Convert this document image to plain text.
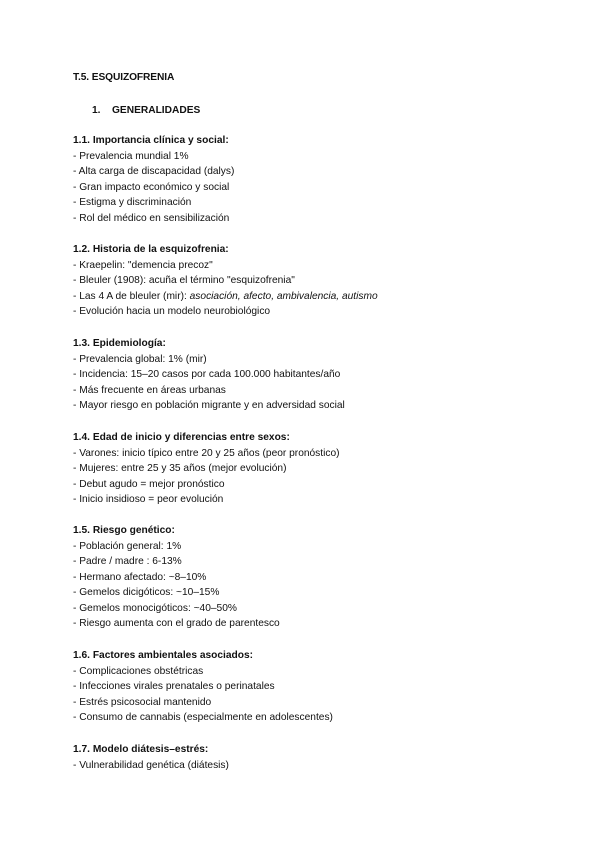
T.5. ESQUIZOFRENIA
1.	GENERALIDADES
1.1. Importancia clínica y social:
- Prevalencia mundial 1%
- Alta carga de discapacidad (dalys)
- Gran impacto económico y social
- Estigma y discriminación
- Rol del médico en sensibilización
1.2. Historia de la esquizofrenia:
- Kraepelin: "demencia precoz"
- Bleuler (1908): acuña el término "esquizofrenia"
- Las 4 A de bleuler (mir): asociación, afecto, ambivalencia, autismo
- Evolución hacia un modelo neurobiológico
1.3. Epidemiología:
- Prevalencia global: 1% (mir)
- Incidencia: 15–20 casos por cada 100.000 habitantes/año
- Más frecuente en áreas urbanas
- Mayor riesgo en población migrante y en adversidad social
1.4. Edad de inicio y diferencias entre sexos:
- Varones: inicio típico entre 20 y 25 años (peor pronóstico)
- Mujeres: entre 25 y 35 años (mejor evolución)
- Debut agudo = mejor pronóstico
- Inicio insidioso = peor evolución
1.5. Riesgo genético:
- Población general: 1%
- Padre / madre : 6-13%
- Hermano afectado: ~8–10%
- Gemelos dicigóticos: ~10–15%
- Gemelos monocigóticos: ~40–50%
- Riesgo aumenta con el grado de parentesco
1.6. Factores ambientales asociados:
- Complicaciones obstétricas
- Infecciones virales prenatales o perinatales
- Estrés psicosocial mantenido
- Consumo de cannabis (especialmente en adolescentes)
1.7. Modelo diátesis–estrés:
- Vulnerabilidad genética (diátesis)
